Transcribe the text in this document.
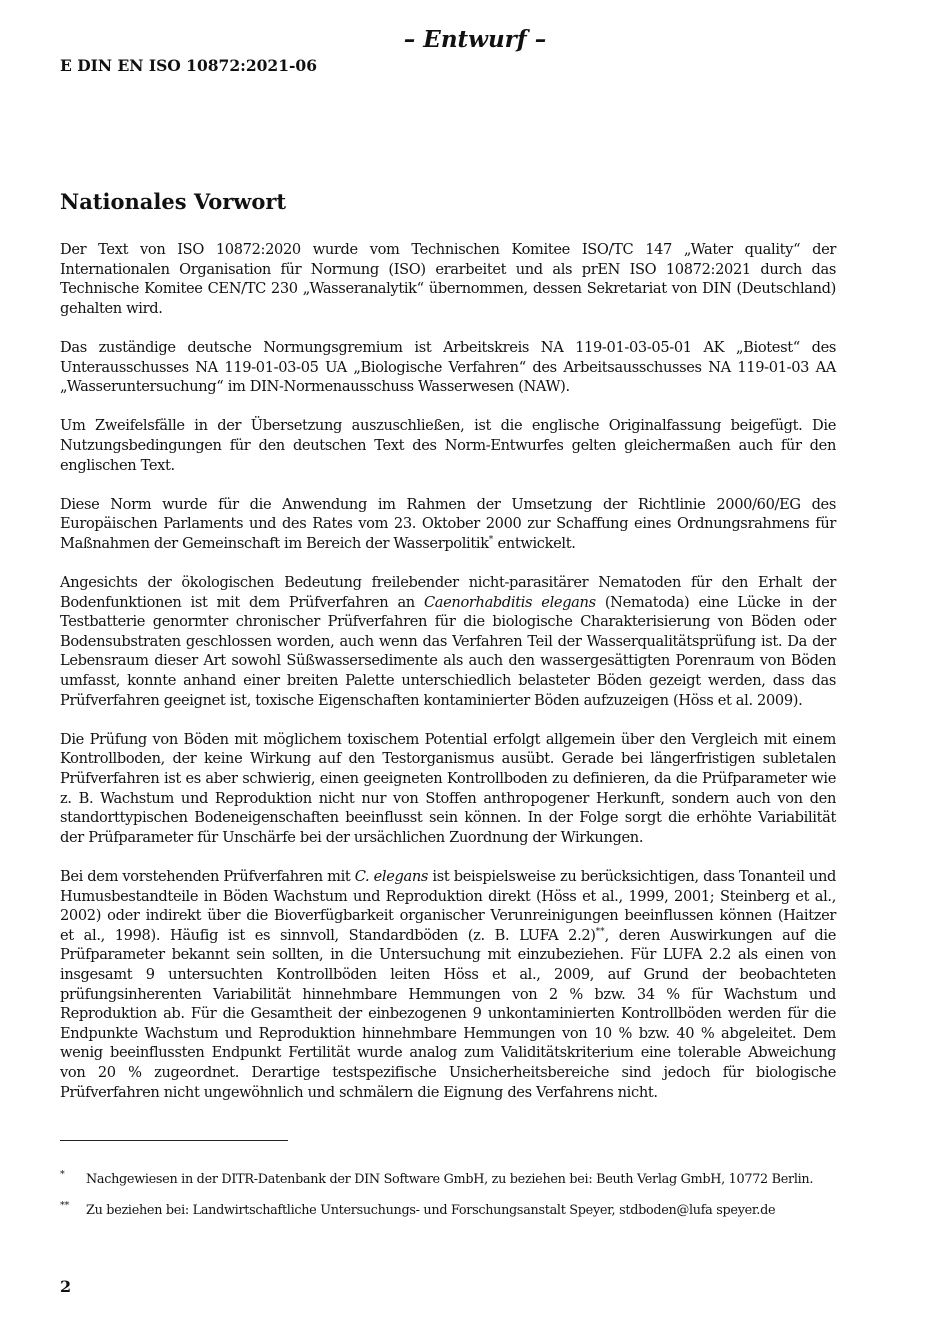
– Entwurf –
E DIN EN ISO 10872:2021-06
Nationales Vorwort

Der Text von ISO 10872:2020 wurde vom Technischen Komitee ISO/TC 147 „Water quality“ der Internationalen Organisation für Normung (ISO) erarbeitet und als prEN ISO 10872:2021 durch das Technische Komitee CEN/TC 230 „Wasseranalytik“ übernommen, dessen Sekretariat von DIN (Deutschland) gehalten wird.

Das zuständige deutsche Normungsgremium ist Arbeitskreis NA 119-01-03-05-01 AK „Biotest“ des Unterausschusses NA 119-01-03-05 UA „Biologische Verfahren“ des Arbeitsausschusses NA 119-01-03 AA „Wasseruntersuchung“ im DIN-Normenausschuss Wasserwesen (NAW).

Um Zweifelsfälle in der Übersetzung auszuschließen, ist die englische Originalfassung beigefügt. Die Nutzungsbedingungen für den deutschen Text des Norm-Entwurfes gelten gleichermaßen auch für den englischen Text.

Diese Norm wurde für die Anwendung im Rahmen der Umsetzung der Richtlinie 2000/60/EG des Europäischen Parlaments und des Rates vom 23. Oktober 2000 zur Schaffung eines Ordnungsrahmens für Maßnahmen der Gemeinschaft im Bereich der Wasserpolitik* entwickelt.

Angesichts der ökologischen Bedeutung freilebender nicht-parasitärer Nematoden für den Erhalt der Bodenfunktionen ist mit dem Prüfverfahren an Caenorhabditis elegans (Nematoda) eine Lücke in der Testbatterie genormter chronischer Prüfverfahren für die biologische Charakterisierung von Böden oder Bodensubstraten geschlossen worden, auch wenn das Verfahren Teil der Wasserqualitätsprüfung ist. Da der Lebensraum dieser Art sowohl Süßwassersedimente als auch den wassergesättigten Porenraum von Böden umfasst, konnte anhand einer breiten Palette unterschiedlich belasteter Böden gezeigt werden, dass das Prüfverfahren geeignet ist, toxische Eigenschaften kontaminierter Böden aufzuzeigen (Höss et al. 2009).

Die Prüfung von Böden mit möglichem toxischem Potential erfolgt allgemein über den Vergleich mit einem Kontrollboden, der keine Wirkung auf den Testorganismus ausübt. Gerade bei längerfristigen subletalen Prüfverfahren ist es aber schwierig, einen geeigneten Kontrollboden zu definieren, da die Prüfparameter wie z. B. Wachstum und Reproduktion nicht nur von Stoffen anthropogener Herkunft, sondern auch von den standorttypischen Bodeneigenschaften beeinflusst sein können. In der Folge sorgt die erhöhte Variabilität der Prüfparameter für Unschärfe bei der ursächlichen Zuordnung der Wirkungen.

Bei dem vorstehenden Prüfverfahren mit C. elegans ist beispielsweise zu berücksichtigen, dass Tonanteil und Humusbestandteile in Böden Wachstum und Reproduktion direkt (Höss et al., 1999, 2001; Steinberg et al., 2002) oder indirekt über die Bioverfügbarkeit organischer Verunreinigungen beeinflussen können (Haitzer et al., 1998). Häufig ist es sinnvoll, Standardböden (z. B. LUFA 2.2)**, deren Auswirkungen auf die Prüfparameter bekannt sein sollten, in die Untersuchung mit einzubeziehen. Für LUFA 2.2 als einen von insgesamt 9 untersuchten Kontrollböden leiten Höss et al., 2009, auf Grund der beobachteten prüfungsinherenten Variabilität hinnehmbare Hemmungen von 2 % bzw. 34 % für Wachstum und Reproduktion ab. Für die Gesamtheit der einbezogenen 9 unkontaminierten Kontrollböden werden für die Endpunkte Wachstum und Reproduktion hinnehmbare Hemmungen von 10 % bzw. 40 % abgeleitet. Dem wenig beeinflussten Endpunkt Fertilität wurde analog zum Validitätskriterium eine tolerable Abweichung von 20 % zugeordnet. Derartige testspezifische Unsicherheitsbereiche sind jedoch für biologische Prüfverfahren nicht ungewöhnlich und schmälern die Eignung des Verfahrens nicht.

* Nachgewiesen in der DITR-Datenbank der DIN Software GmbH, zu beziehen bei: Beuth Verlag GmbH, 10772 Berlin.
** Zu beziehen bei: Landwirtschaftliche Untersuchungs- und Forschungsanstalt Speyer, stdboden@lufa speyer.de
2
